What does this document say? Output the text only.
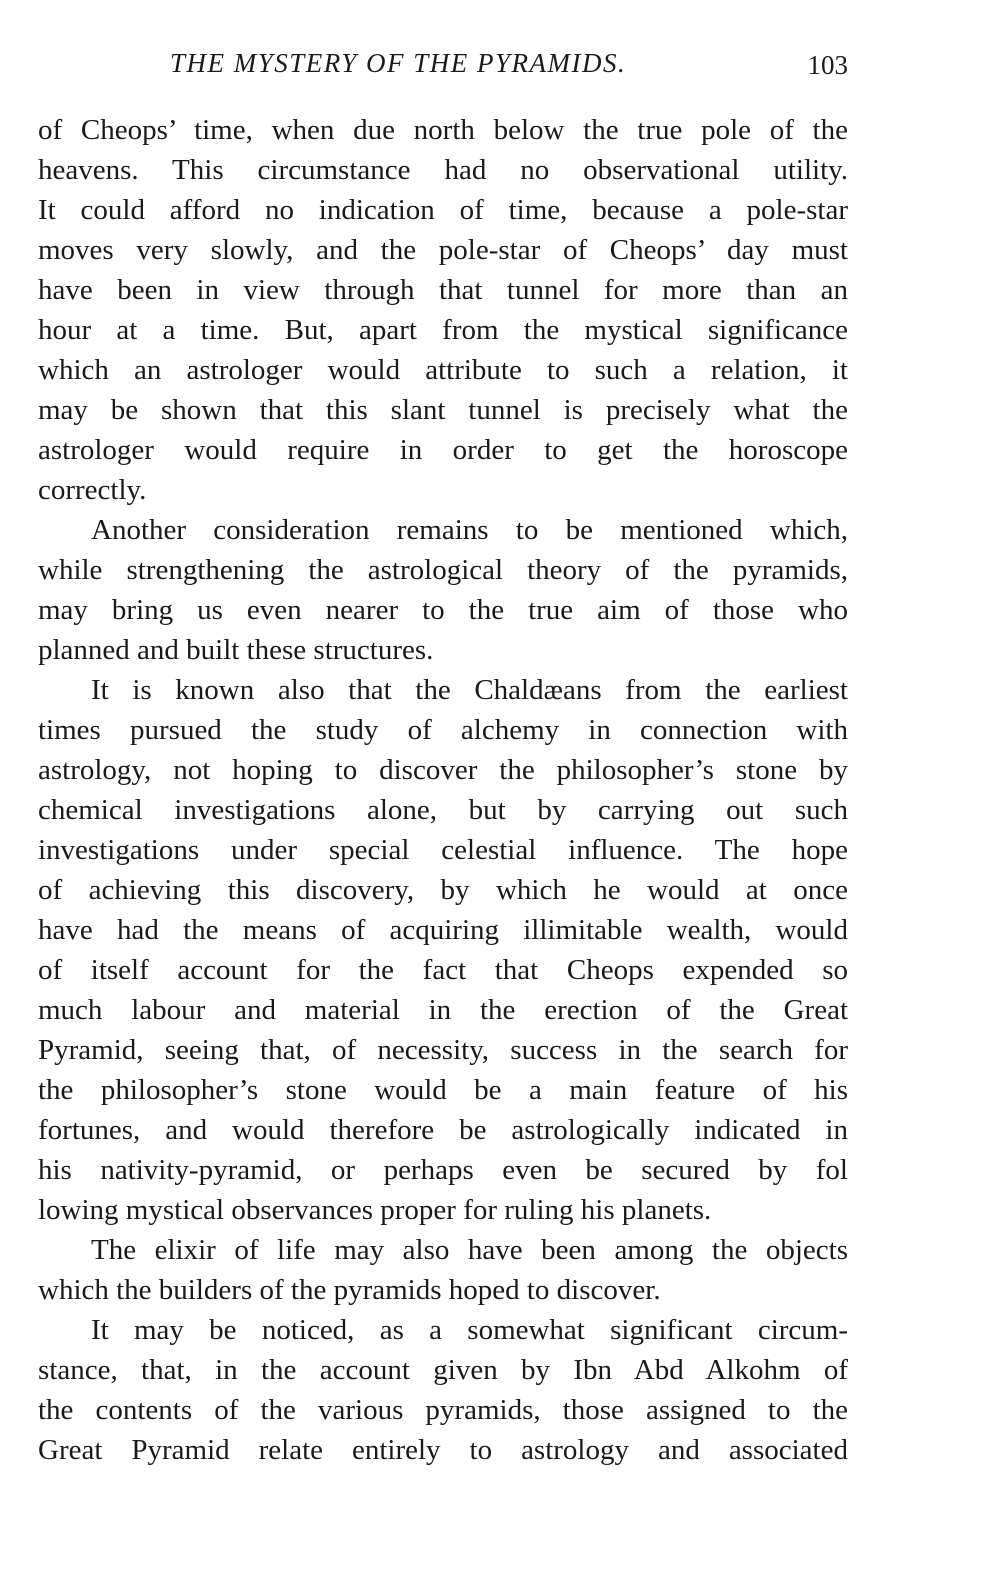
THE MYSTERY OF THE PYRAMIDS.	103
of Cheops’ time, when due north below the true pole of the
heavens. This circumstance had no observational utility.
It could afford no indication of time, because a pole-star
moves very slowly, and the pole-star of Cheops’ day must
have been in view through that tunnel for more than an
hour at a time. But, apart from the mystical significance
which an astrologer would attribute to such a relation, it
may be shown that this slant tunnel is precisely what the
astrologer would require in order to get the horoscope
correctly.
Another consideration remains to be mentioned which,
while strengthening the astrological theory of the pyramids,
may bring us even nearer to the true aim of those who
planned and built these structures.
It is known also that the Chaldæans from the earliest
times pursued the study of alchemy in connection with
astrology, not hoping to discover the philosopher’s stone by
chemical investigations alone, but by carrying out such
investigations under special celestial influence. The hope
of achieving this discovery, by which he would at once
have had the means of acquiring illimitable wealth, would
of itself account for the fact that Cheops expended so
much labour and material in the erection of the Great
Pyramid, seeing that, of necessity, success in the search for
the philosopher’s stone would be a main feature of his
fortunes, and would therefore be astrologically indicated in
his nativity-pyramid, or perhaps even be secured by fol
lowing mystical observances proper for ruling his planets.
The elixir of life may also have been among the objects
which the builders of the pyramids hoped to discover.
It may be noticed, as a somewhat significant circum-
stance, that, in the account given by Ibn Abd Alkohm of
the contents of the various pyramids, those assigned to the
Great Pyramid relate entirely to astrology and associated
